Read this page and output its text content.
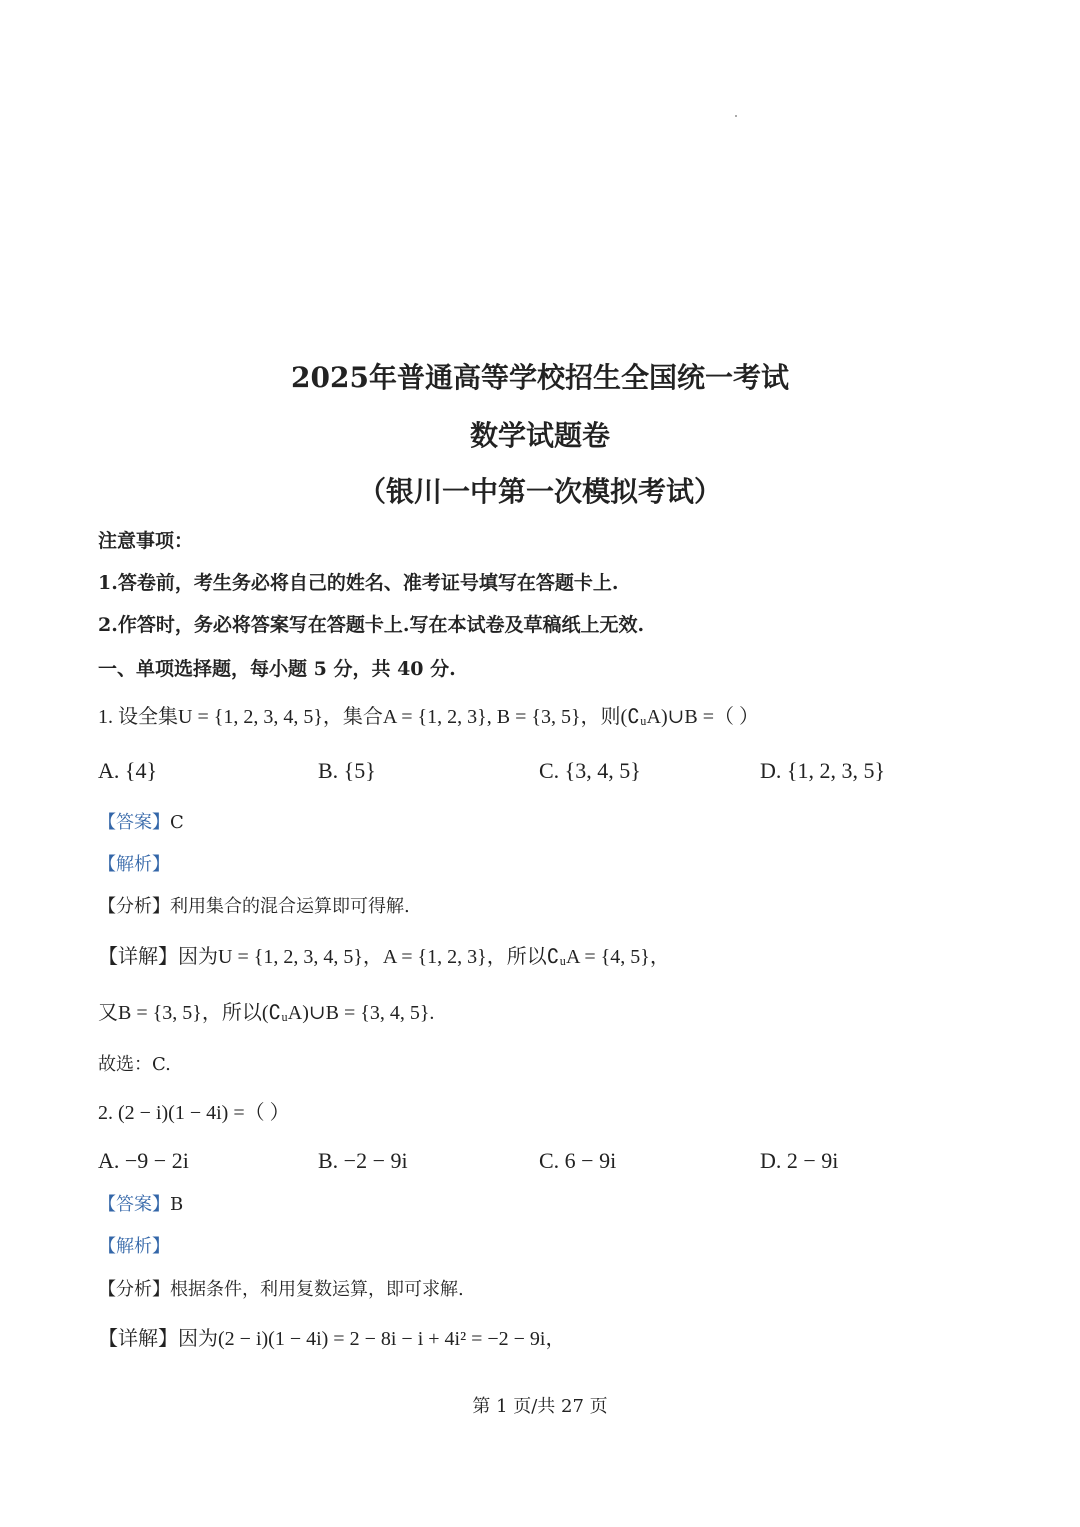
2025年普通高等学校招生全国统一考试
数学试题卷
（银川一中第一次模拟考试）
注意事项：
1.答卷前，考生务必将自己的姓名、准考证号填写在答题卡上.
2.作答时，务必将答案写在答题卡上.写在本试卷及草稿纸上无效.
一、单项选择题，每小题 5 分，共 40 分.
1. 设全集U = {1, 2, 3, 4, 5}，集合A = {1, 2, 3}, B = {3, 5}，则(∁ᵤA)∪B =（ ）
A. {4}	B. {5}	C. {3, 4, 5}	D. {1, 2, 3, 5}
【答案】C
【解析】
【分析】利用集合的混合运算即可得解.
【详解】因为U = {1, 2, 3, 4, 5}，A = {1, 2, 3}，所以∁ᵤA = {4, 5}，
又B = {3, 5}，所以(∁ᵤA)∪B = {3, 4, 5}.
故选：C.
2. (2 − i)(1 − 4i) =（ ）
A. −9 − 2i	B. −2 − 9i	C. 6 − 9i	D. 2 − 9i
【答案】B
【解析】
【分析】根据条件，利用复数运算，即可求解.
【详解】因为(2 − i)(1 − 4i) = 2 − 8i − i + 4i² = −2 − 9i，
第 1 页/共 27 页
